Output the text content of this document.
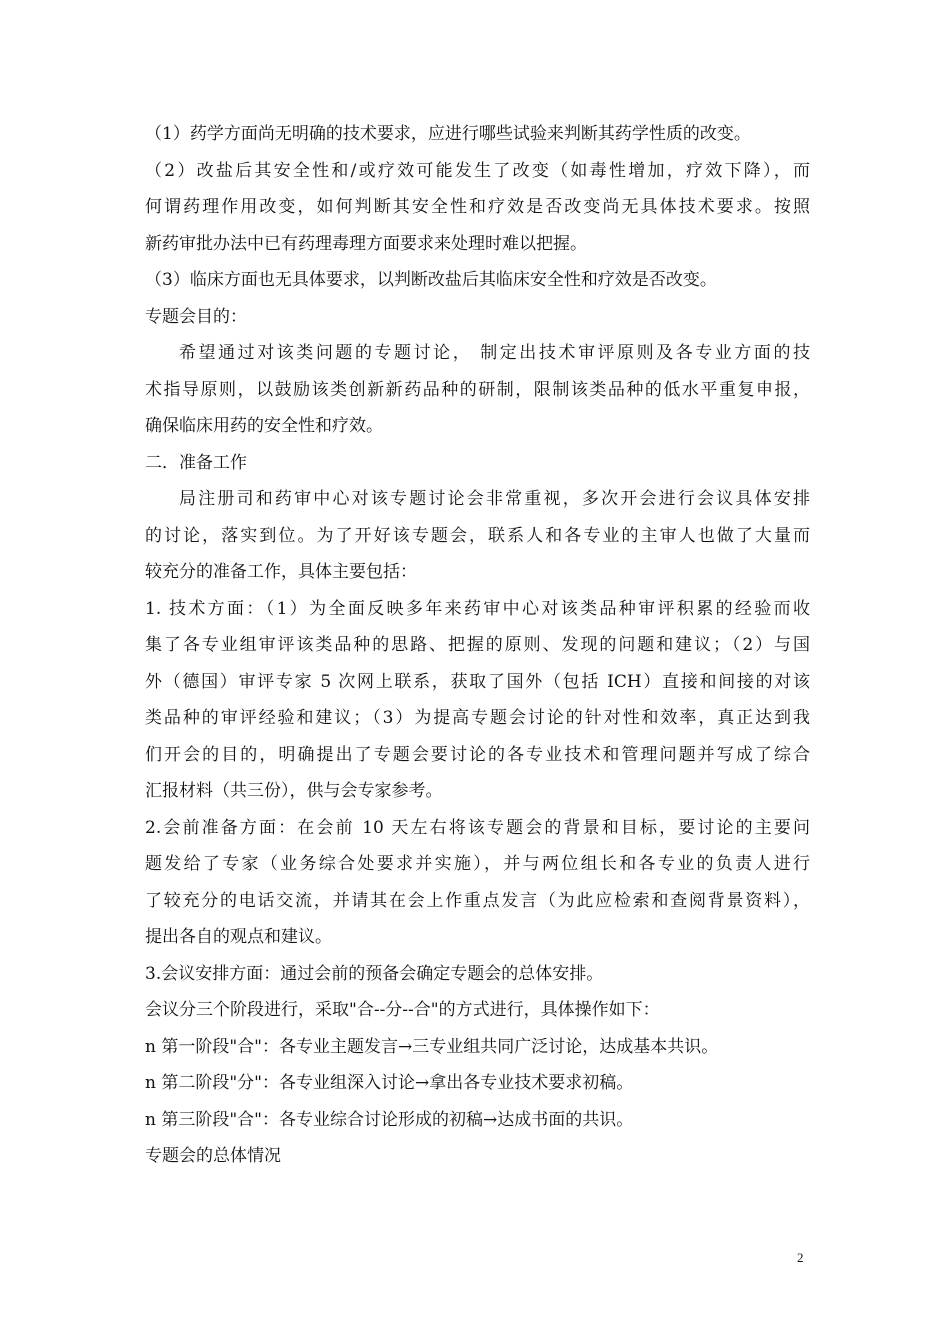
（1）药学方面尚无明确的技术要求，应进行哪些试验来判断其药学性质的改变。
（2）改盐后其安全性和/或疗效可能发生了改变（如毒性增加，疗效下降），而
何谓药理作用改变，如何判断其安全性和疗效是否改变尚无具体技术要求。按照
新药审批办法中已有药理毒理方面要求来处理时难以把握。
（3）临床方面也无具体要求，以判断改盐后其临床安全性和疗效是否改变。
专题会目的：
希望通过对该类问题的专题讨论， 制定出技术审评原则及各专业方面的技
术指导原则，以鼓励该类创新新药品种的研制，限制该类品种的低水平重复申报，
确保临床用药的安全性和疗效。
二．准备工作
局注册司和药审中心对该专题讨论会非常重视，多次开会进行会议具体安排
的讨论，落实到位。为了开好该专题会，联系人和各专业的主审人也做了大量而
较充分的准备工作，具体主要包括：
1. 技术方面：（1）为全面反映多年来药审中心对该类品种审评积累的经验而收
集了各专业组审评该类品种的思路、把握的原则、发现的问题和建议；（2）与国
外（德国）审评专家 5 次网上联系，获取了国外（包括 ICH）直接和间接的对该
类品种的审评经验和建议；（3）为提高专题会讨论的针对性和效率，真正达到我
们开会的目的，明确提出了专题会要讨论的各专业技术和管理问题并写成了综合
汇报材料（共三份），供与会专家参考。
2.会前准备方面：在会前 10 天左右将该专题会的背景和目标，要讨论的主要问
题发给了专家（业务综合处要求并实施），并与两位组长和各专业的负责人进行
了较充分的电话交流，并请其在会上作重点发言（为此应检索和查阅背景资料），
提出各自的观点和建议。
3.会议安排方面：通过会前的预备会确定专题会的总体安排。
会议分三个阶段进行，采取"合--分--合"的方式进行，具体操作如下：
n 第一阶段"合"：各专业主题发言→三专业组共同广泛讨论，达成基本共识。
n 第二阶段"分"：各专业组深入讨论→拿出各专业技术要求初稿。
n 第三阶段"合"：各专业综合讨论形成的初稿→达成书面的共识。
专题会的总体情况
2
